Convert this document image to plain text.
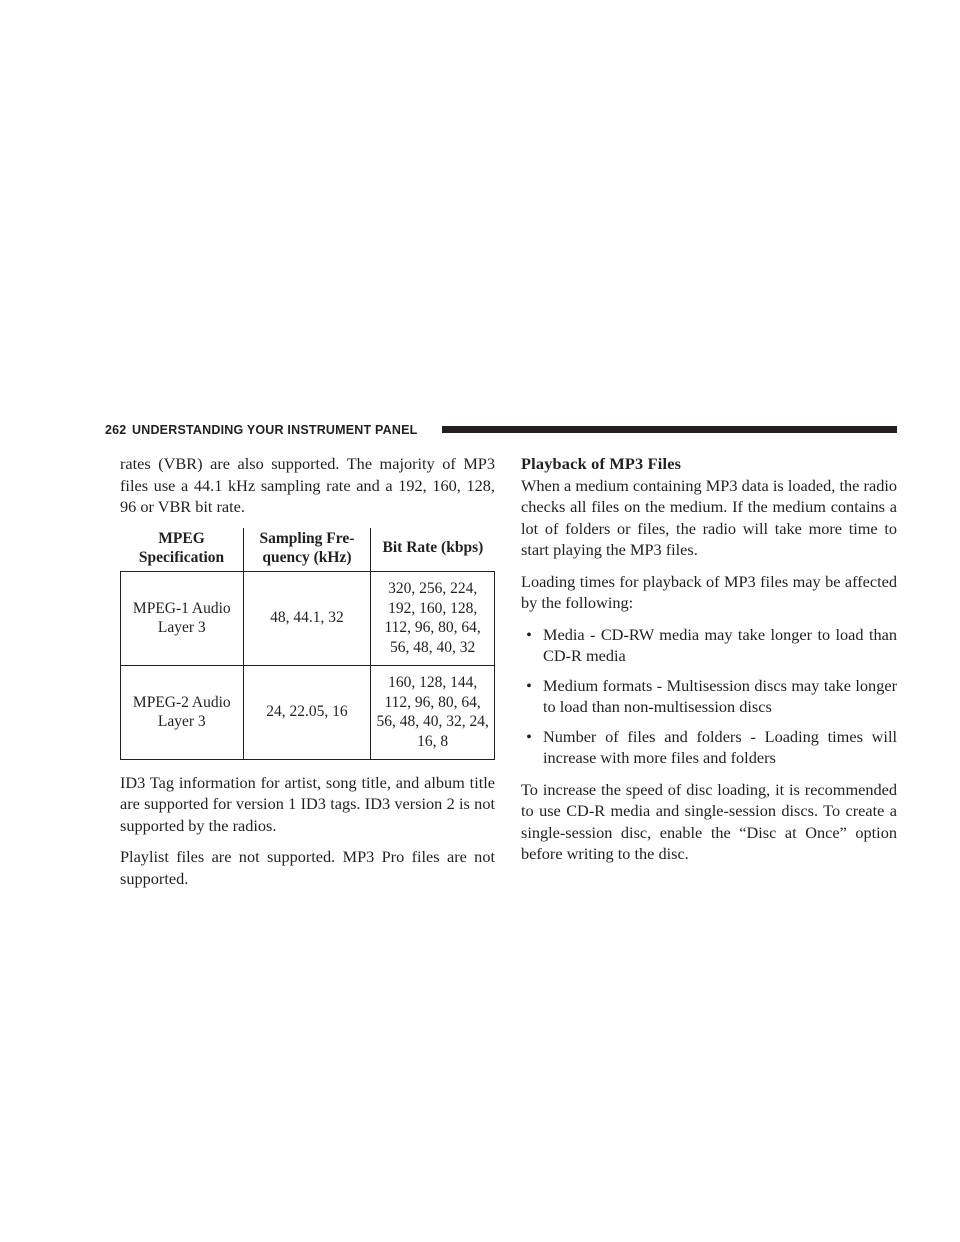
262 UNDERSTANDING YOUR INSTRUMENT PANEL

rates (VBR) are also supported. The majority of MP3 files use a 44.1 kHz sampling rate and a 192, 160, 128, 96 or VBR bit rate.

MPEG Specification	Sampling Fre- quency (kHz)	Bit Rate (kbps)
MPEG-1 Audio Layer 3	48, 44.1, 32	320, 256, 224, 192, 160, 128, 112, 96, 80, 64, 56, 48, 40, 32
MPEG-2 Audio Layer 3	24, 22.05, 16	160, 128, 144, 112, 96, 80, 64, 56, 48, 40, 32, 24, 16, 8

ID3 Tag information for artist, song title, and album title are supported for version 1 ID3 tags. ID3 version 2 is not supported by the radios.

Playlist files are not supported. MP3 Pro files are not supported.

Playback of MP3 Files

When a medium containing MP3 data is loaded, the radio checks all files on the medium. If the medium contains a lot of folders or files, the radio will take more time to start playing the MP3 files.

Loading times for playback of MP3 files may be affected by the following:

• Media - CD-RW media may take longer to load than CD-R media
• Medium formats - Multisession discs may take longer to load than non-multisession discs
• Number of files and folders - Loading times will increase with more files and folders

To increase the speed of disc loading, it is recommended to use CD-R media and single-session discs. To create a single-session disc, enable the “Disc at Once” option before writing to the disc.
